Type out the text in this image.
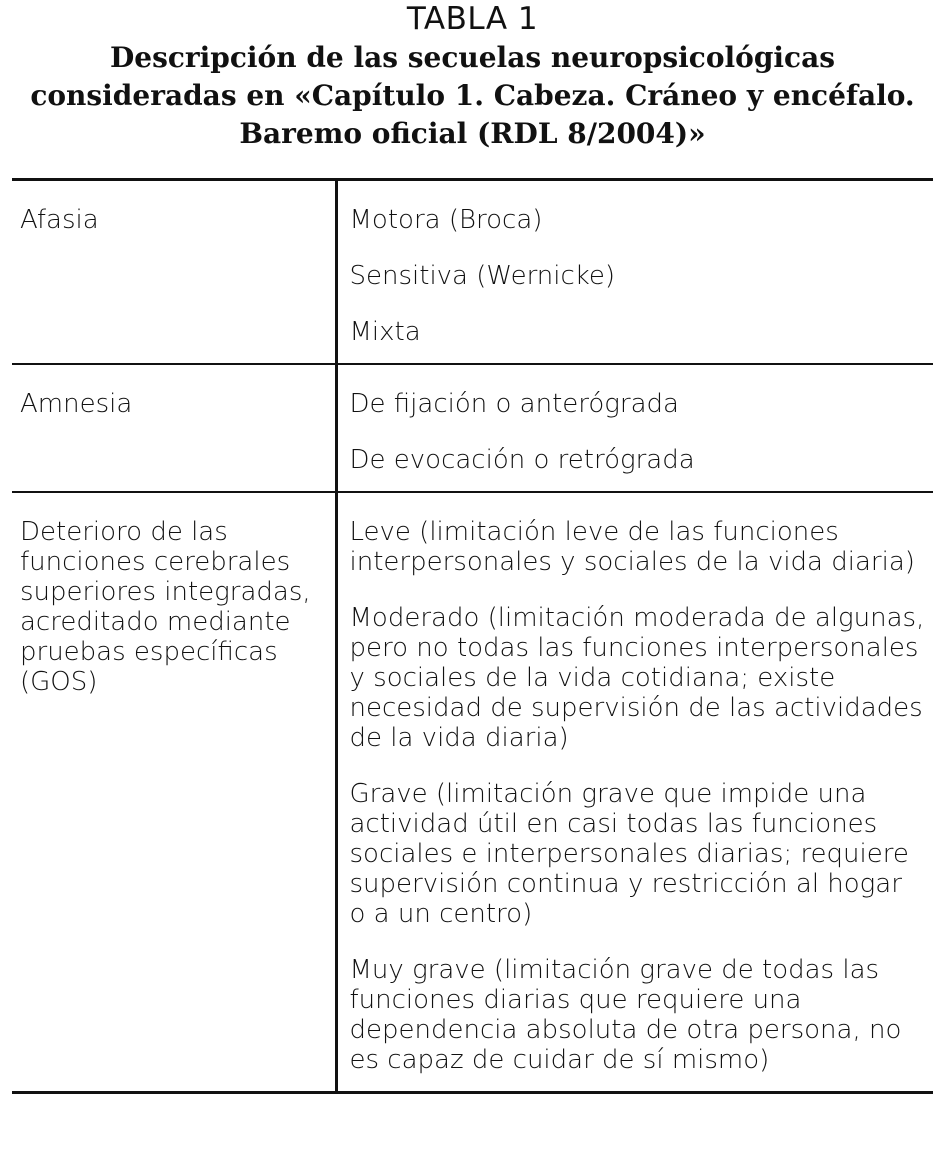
TABLA 1
Descripción de las secuelas neuropsicológicas consideradas en «Capítulo 1. Cabeza. Cráneo y encéfalo. Baremo oficial (RDL 8/2004)»
Afasia	Motora (Broca)
Sensitiva (Wernicke)
Mixta

Amnesia	De fijación o anterógrada
De evocación o retrógrada

Deterioro de las funciones cerebrales superiores integradas, acreditado mediante pruebas específicas (GOS)	Leve (limitación leve de las funciones interpersonales y sociales de la vida diaria)
Moderado (limitación moderada de algunas, pero no todas las funciones interpersonales y sociales de la vida cotidiana; existe necesidad de supervisión de las actividades de la vida diaria)
Grave (limitación grave que impide una actividad útil en casi todas las funciones sociales e interpersonales diarias; requiere supervisión continua y restricción al hogar o a un centro)
Muy grave (limitación grave de todas las funciones diarias que requiere una dependencia absoluta de otra persona, no es capaz de cuidar de sí mismo)
